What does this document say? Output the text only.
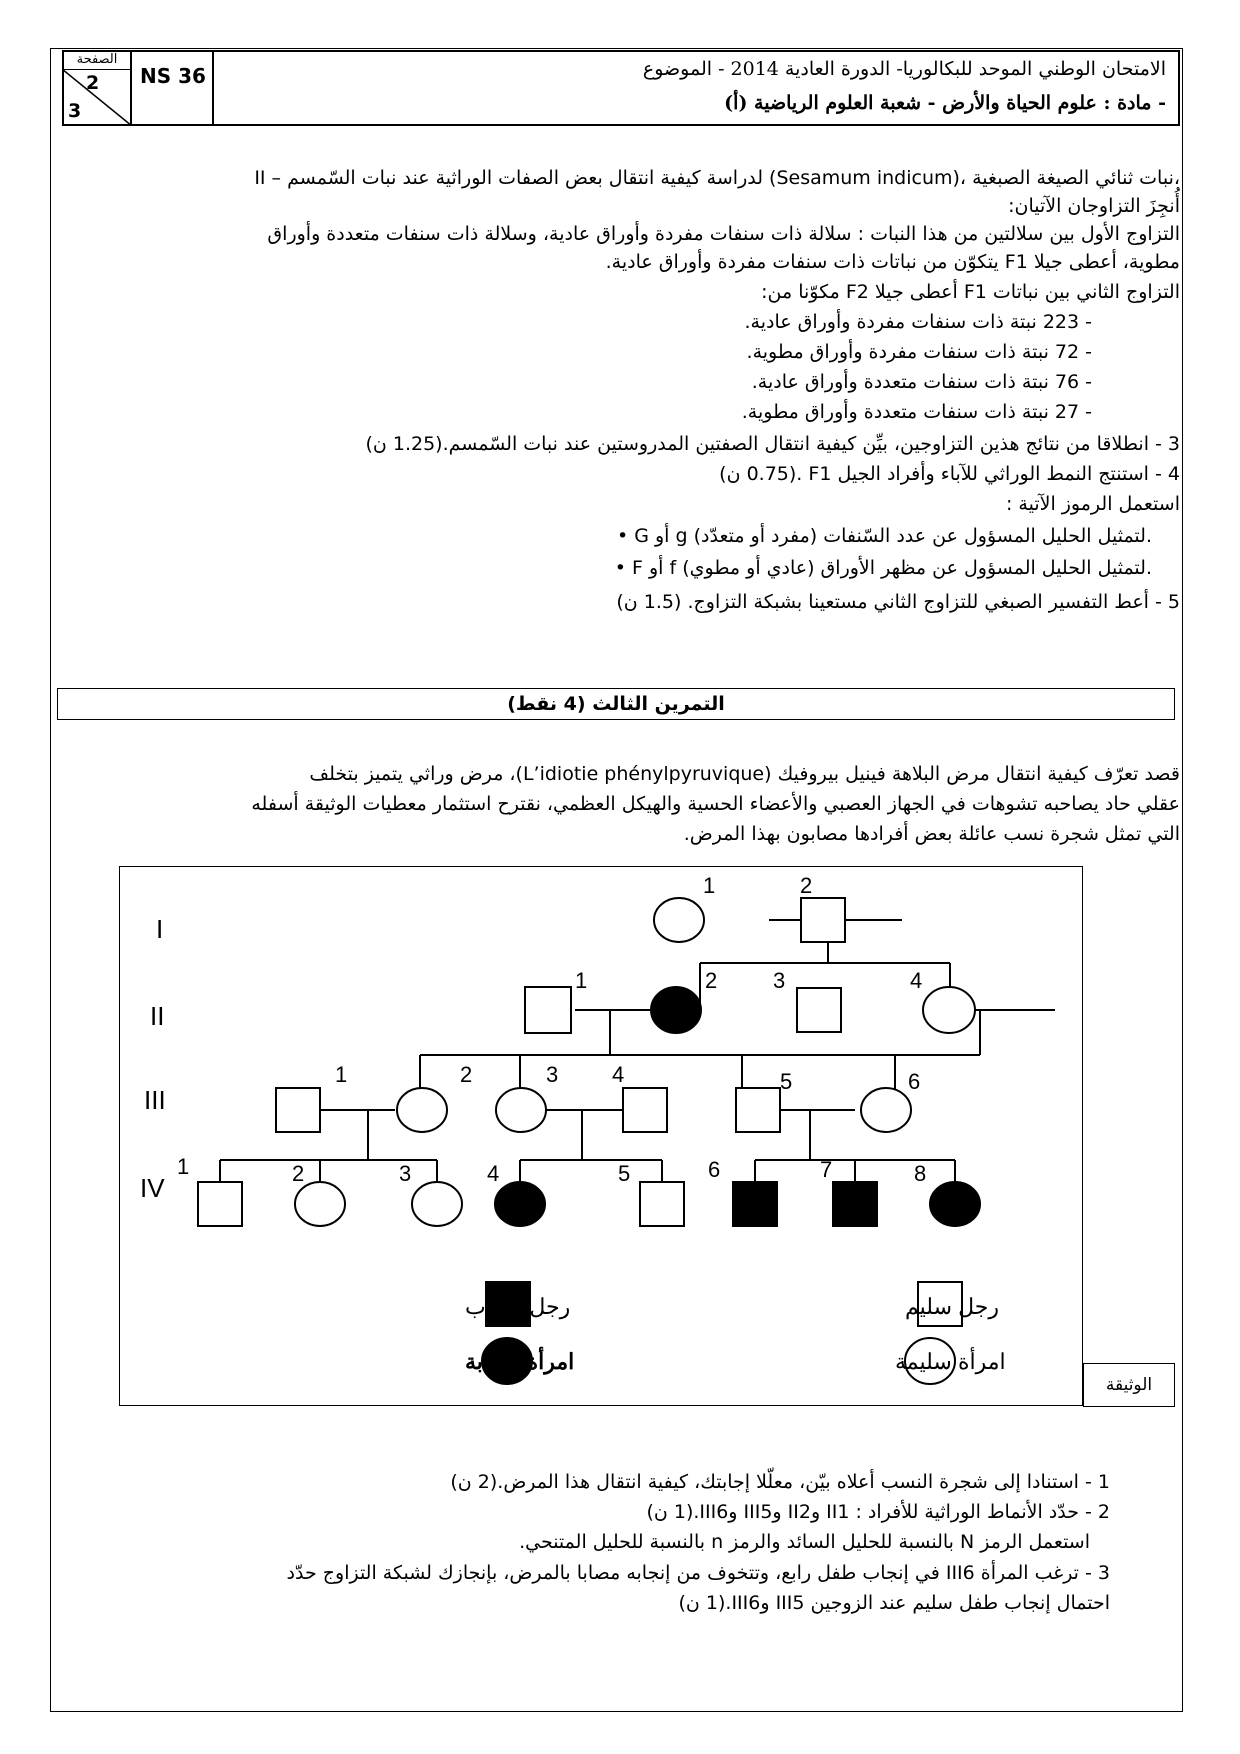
الصفحة
2
3
NS 36	الامتحان الوطني الموحد للبكالوريا- الدورة العادية 2014 - الموضوع
- مادة : علوم الحياة والأرض - شعبة العلوم الرياضية (أ)
II – لدراسة كيفية انتقال بعض الصفات الوراثية عند نبات السّمسم (Sesamum indicum)، نبات ثنائي الصيغة الصبغية،
أُنجِزَ التزاوجان الآتيان:
التزاوج الأول بين سلالتين من هذا النبات : سلالة ذات سنفات مفردة وأوراق عادية، وسلالة ذات سنفات متعددة وأوراق
مطوية، أعطى جيلا F1 يتكوّن من نباتات ذات سنفات مفردة وأوراق عادية.
التزاوج الثاني بين نباتات F1 أعطى جيلا F2 مكوّنا من:
- 223 نبتة ذات سنفات مفردة وأوراق عادية.
- 72 نبتة ذات سنفات مفردة وأوراق مطوية.
- 76 نبتة ذات سنفات متعددة وأوراق عادية.
- 27 نبتة ذات سنفات متعددة وأوراق مطوية.
3 - انطلاقا من نتائج هذين التزاوجين، بيِّن كيفية انتقال الصفتين المدروستين عند نبات السّمسم.(1.25 ن)
4 - استنتج النمط الوراثي للآباء وأفراد الجيل F1 .(0.75 ن)
استعمل الرموز الآتية :
• G أو g لتمثيل الحليل المسؤول عن عدد السّنفات (مفرد أو متعدّد).
• F أو f لتمثيل الحليل المسؤول عن مظهر الأوراق (عادي أو مطوي).
5 - أعط التفسير الصبغي للتزاوج الثاني مستعينا بشبكة التزاوج. (1.5 ن)
التمرين الثالث (4 نقط)
قصد تعرّف كيفية انتقال مرض البلاهة فينيل بيروفيك (L’idiotie phénylpyruvique)، مرض وراثي يتميز بتخلف
عقلي حاد يصاحبه تشوهات في الجهاز العصبي والأعضاء الحسية والهيكل العظمي، نقترح استثمار معطيات الوثيقة أسفله
التي تمثل شجرة نسب عائلة بعض أفرادها مصابون بهذا المرض.
I
II
III
IV
1	2
1	2	3	4
1	2	3 4	5	6
1	2	3	4	5	6	7	8
رجل سليم
رجل مصاب
امرأة سليمة
امرأة مصابة
الوثيقة
1 - استنادا إلى شجرة النسب أعلاه بيّن، معلّلا إجابتك، كيفية انتقال هذا المرض.(2 ن)
2 - حدّد الأنماط الوراثية للأفراد : II1 وII2 وIII5 وIII6.(1 ن)
استعمل الرمز N بالنسبة للحليل السائد والرمز n بالنسبة للحليل المتنحي.
3 - ترغب المرأة III6 في إنجاب طفل رابع، وتتخوف من إنجابه مصابا بالمرض، بإنجازك لشبكة التزاوج حدّد
احتمال إنجاب طفل سليم عند الزوجين III5 وIII6.(1 ن)
